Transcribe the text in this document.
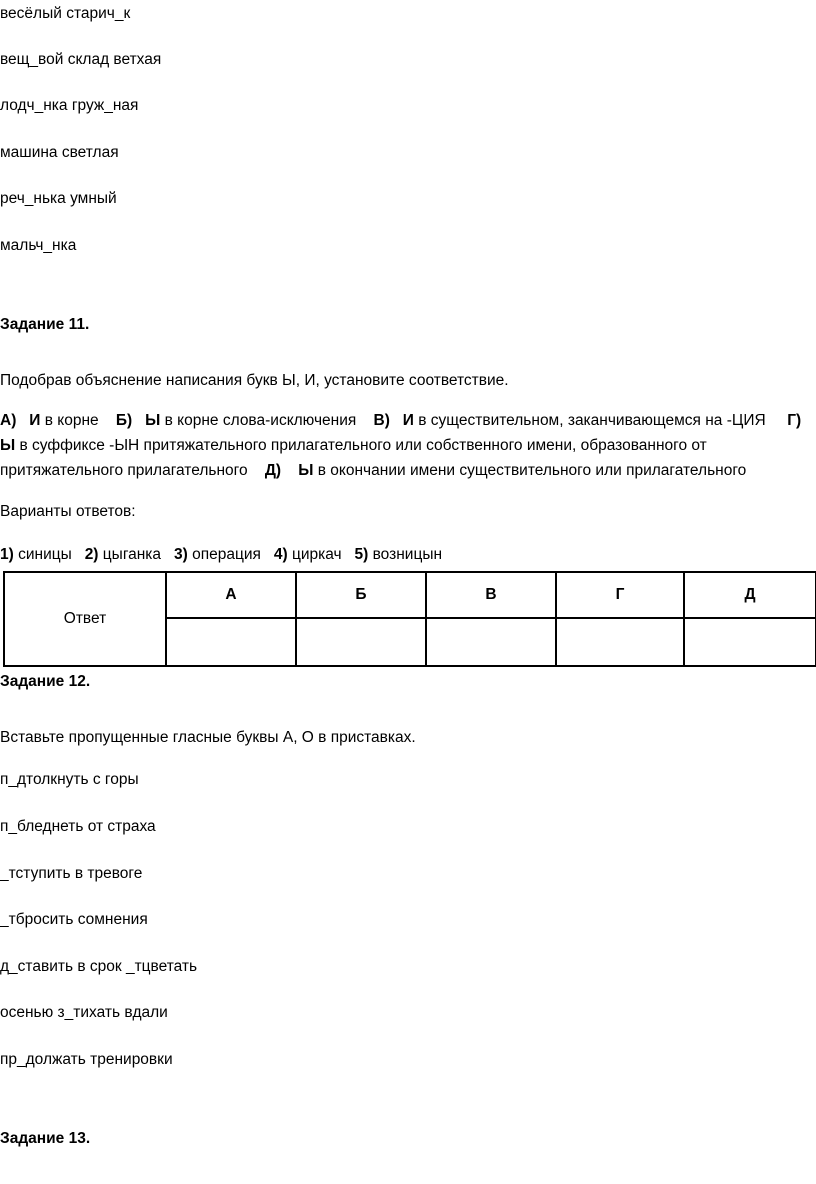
весёлый старич_к
вещ_вой склад ветхая
лодч_нка груж_ная
машина светлая
реч_нька умный
мальч_нка
Задание 11.
Подобрав объяснение написания букв Ы, И, установите соответствие.
А) И в корне Б) Ы в корне слова-исключения В) И в существительном, заканчивающемся на -ЦИЯ Г) Ы в суффиксе -ЫН притяжательного прилагательного или собственного имени, образованного от притяжательного прилагательного Д) Ы в окончании имени существительного или прилагательного
Варианты ответов:
1) синицы 2) цыганка 3) операция 4) циркач 5) возницын
Ответ	А	Б	В	Г	Д

Задание 12.
Вставьте пропущенные гласные буквы А, О в приставках.
п_дтолкнуть с горы
п_бледнеть от страха
_тступить в тревоге
_тбросить сомнения
д_ставить в срок _тцветать
осенью з_тихать вдали
пр_должать тренировки
Задание 13.
